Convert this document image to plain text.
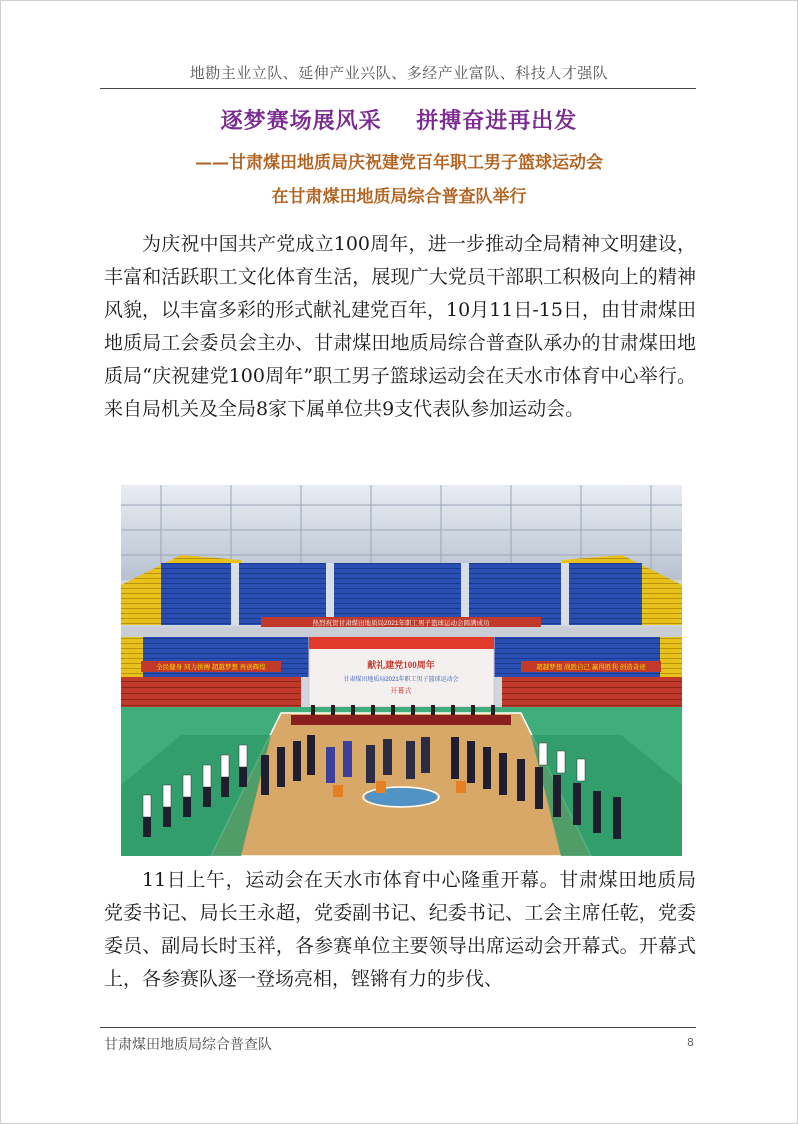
地勘主业立队、延伸产业兴队、多经产业富队、科技人才强队
逐梦赛场展风采    拼搏奋进再出发
——甘肃煤田地质局庆祝建党百年职工男子篮球运动会
在甘肃煤田地质局综合普查队举行
为庆祝中国共产党成立100周年，进一步推动全局精神文明建设，丰富和活跃职工文化体育生活，展现广大党员干部职工积极向上的精神风貌，以丰富多彩的形式献礼建党百年，10月11日-15日，由甘肃煤田地质局工会委员会主办、甘肃煤田地质局综合普查队承办的甘肃煤田地质局“庆祝建党100周年”职工男子篮球运动会在天水市体育中心举行。来自局机关及全局8家下属单位共9支代表队参加运动会。
热烈祝贺甘肃煤田地质局2021年职工男子篮球运动会圆满成功
全民健身 同力拼搏 超越梦想 再创辉煌	超越梦想 战胜自己 赢得胜利 创造奇迹
献礼建党100周年
甘肃煤田地质局2021年职工男子篮球运动会
开幕式
11日上午，运动会在天水市体育中心隆重开幕。甘肃煤田地质局党委书记、局长王永超，党委副书记、纪委书记、工会主席任乾，党委委员、副局长时玉祥，各参赛单位主要领导出席运动会开幕式。开幕式上，各参赛队逐一登场亮相，铿锵有力的步伐、
甘肃煤田地质局综合普查队	8
